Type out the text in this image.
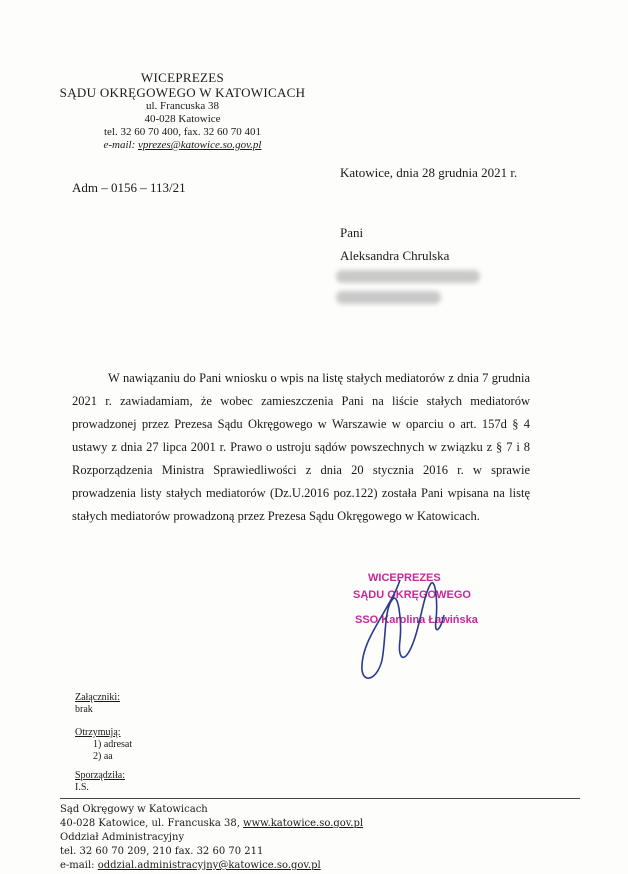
WICEPREZES
SĄDU OKRĘGOWEGO W KATOWICACH
ul. Francuska 38
40-028 Katowice
tel. 32 60 70 400, fax. 32 60 70 401
e-mail: vprezes@katowice.so.gov.pl
Katowice, dnia 28 grudnia 2021 r.
Adm – 0156 – 113/21
Pani
Aleksandra Chrulska

W nawiązaniu do Pani wniosku o wpis na listę stałych mediatorów z dnia 7 grudnia 2021 r. zawiadamiam, że wobec zamieszczenia Pani na liście stałych mediatorów prowadzonej przez Prezesa Sądu Okręgowego w Warszawie w oparciu o art. 157d § 4 ustawy z dnia 27 lipca 2001 r. Prawo o ustroju sądów powszechnych w związku z § 7 i 8 Rozporządzenia Ministra Sprawiedliwości z dnia 20 stycznia 2016 r. w sprawie prowadzenia listy stałych mediatorów (Dz.U.2016 poz.122) została Pani wpisana na listę stałych mediatorów prowadzoną przez Prezesa Sądu Okręgowego w Katowicach.

WICEPREZES
SĄDU OKRĘGOWEGO
SSO Karolina Ławińska
Załączniki:
brak
Otrzymują:
1) adresat
2) aa
Sporządziła:
I.S.
Sąd Okręgowy w Katowicach
40-028 Katowice, ul. Francuska 38, www.katowice.so.gov.pl
Oddział Administracyjny
tel. 32 60 70 209, 210 fax. 32 60 70 211
e-mail: oddzial.administracyjny@katowice.so.gov.pl
